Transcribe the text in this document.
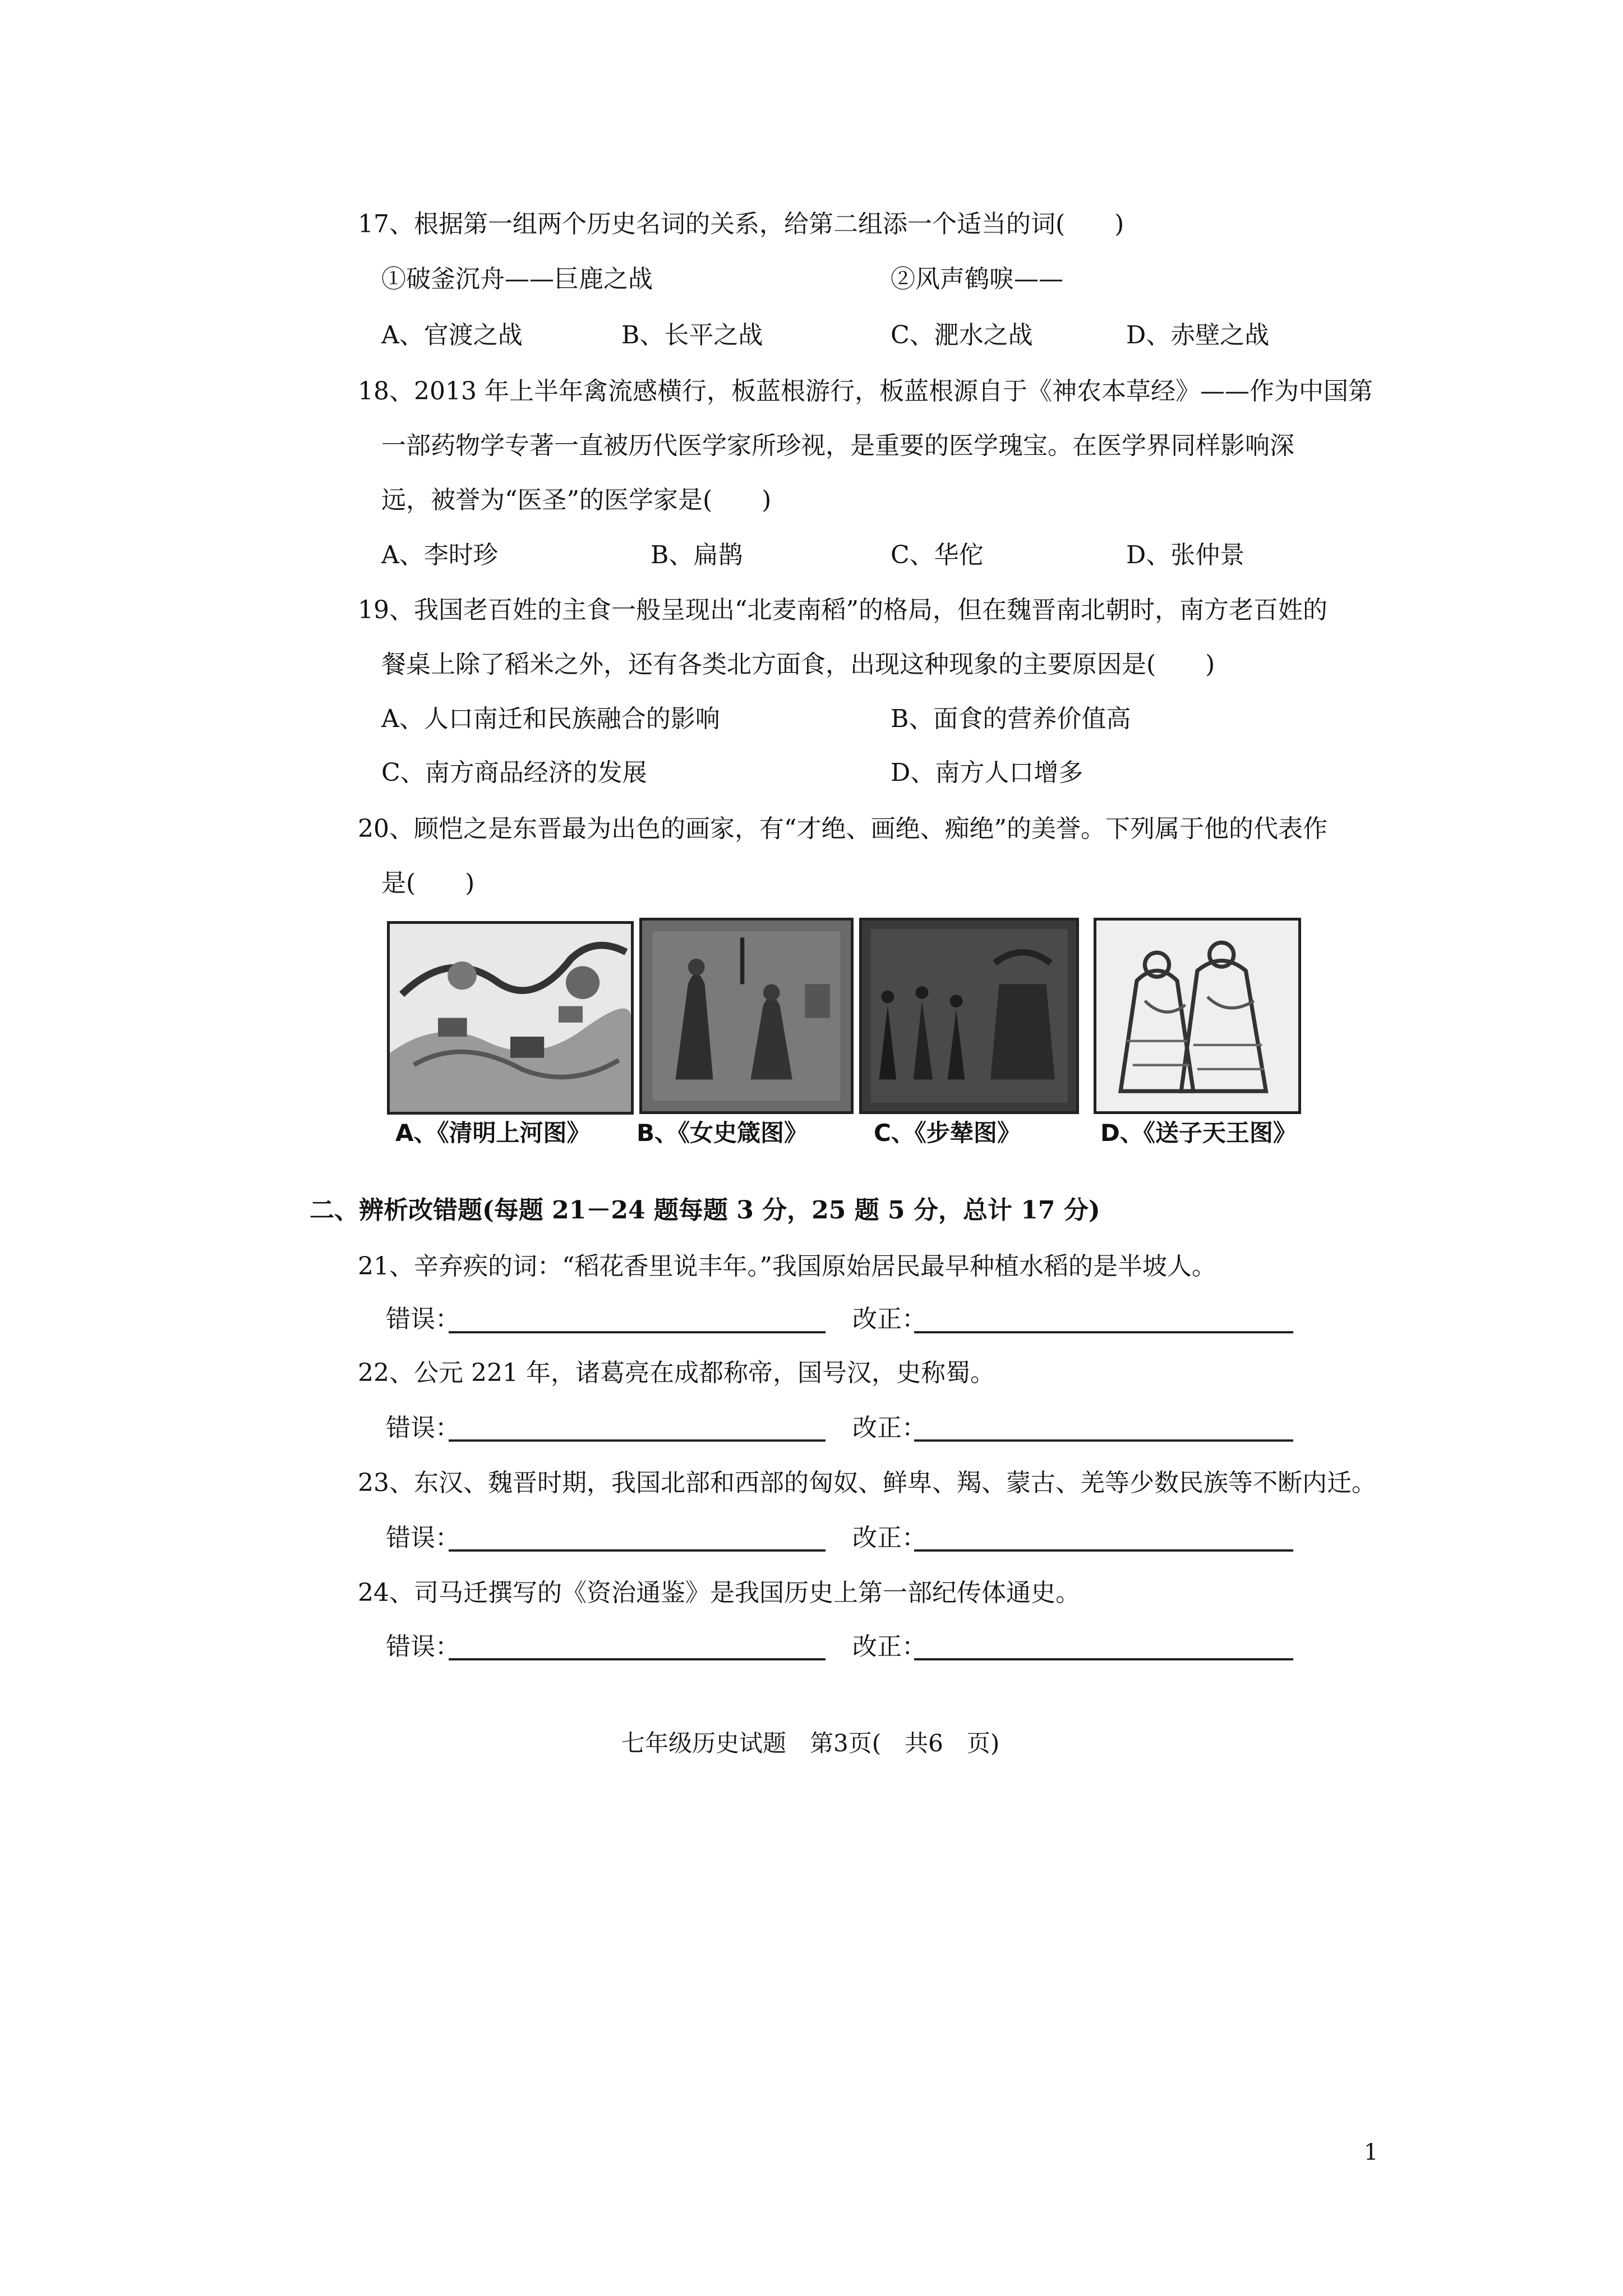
17、根据第一组两个历史名词的关系，给第二组添一个适当的词(　　)
①破釜沉舟——巨鹿之战	②风声鹤唳——
A、官渡之战	B、长平之战	C、淝水之战	D、赤壁之战
18、2013 年上半年禽流感横行，板蓝根游行，板蓝根源自于《神农本草经》——作为中国第
一部药物学专著一直被历代医学家所珍视，是重要的医学瑰宝。在医学界同样影响深
远，被誉为“医圣”的医学家是(　　)
A、李时珍	B、扁鹊	C、华佗	D、张仲景
19、我国老百姓的主食一般呈现出“北麦南稻”的格局，但在魏晋南北朝时，南方老百姓的
餐桌上除了稻米之外，还有各类北方面食，出现这种现象的主要原因是(　　)
A、人口南迁和民族融合的影响	B、面食的营养价值高
C、南方商品经济的发展	D、南方人口增多
20、顾恺之是东晋最为出色的画家，有“才绝、画绝、痴绝”的美誉。下列属于他的代表作
是(　　)
A、《清明上河图》 B、《女史箴图》	C、《步辇图》	D、《送子天王图》
二、辨析改错题(每题 21－24 题每题 3 分，25 题 5 分，总计 17 分)
21、辛弃疾的词：“稻花香里说丰年。”我国原始居民最早种植水稻的是半坡人。
错误：	改正：
22、公元 221 年，诸葛亮在成都称帝，国号汉，史称蜀。
错误：	改正：
23、东汉、魏晋时期，我国北部和西部的匈奴、鲜卑、羯、蒙古、羌等少数民族等不断内迁。
错误：	改正：
24、司马迁撰写的《资治通鉴》是我国历史上第一部纪传体通史。
错误：	改正：
七年级历史试题　第3页(　共6　页)
1
